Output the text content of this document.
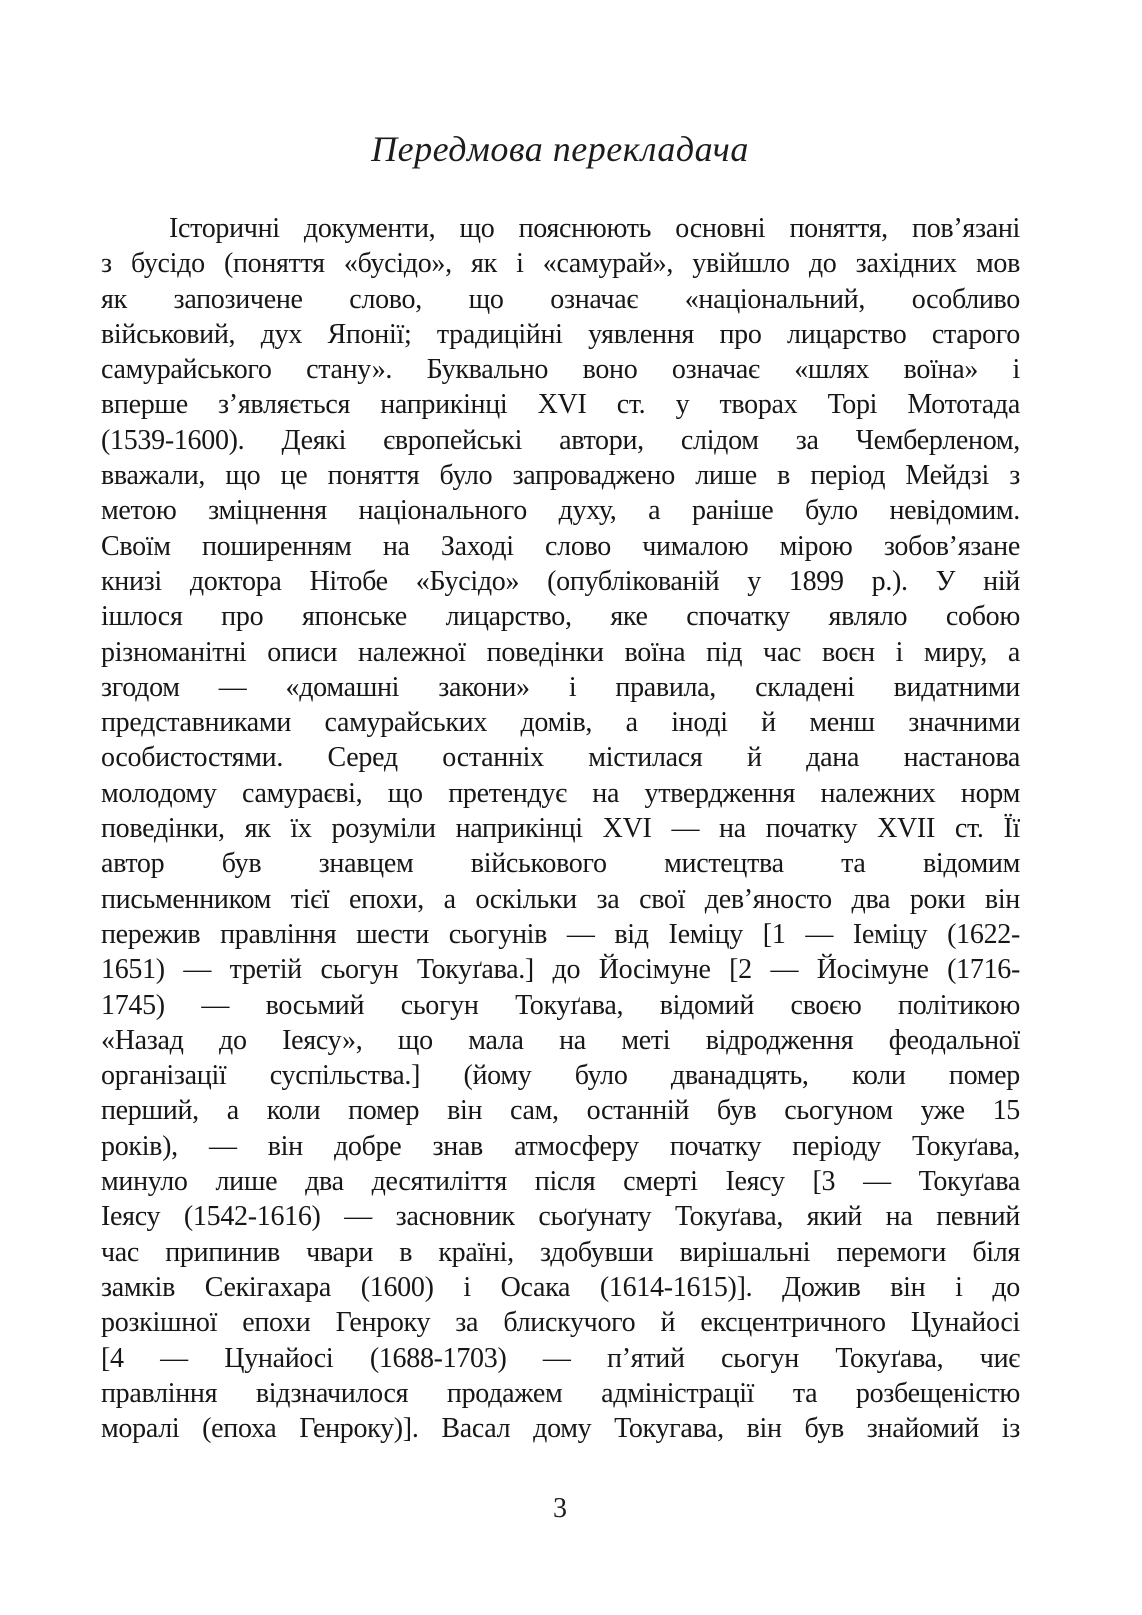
Передмова перекладача
Історичні документи, що пояснюють основні поняття, пов’язані
з бусідо (поняття «бусідо», як і «самурай», увійшло до західних мов
як запозичене слово, що означає «національний, особливо
військовий, дух Японії; традиційні уявлення про лицарство старого
самурайського стану». Буквально воно означає «шлях воїна» і
вперше з’являється наприкінці XVI ст. у творах Торі Мототада
(1539-1600). Деякі європейські автори, слідом за Чемберленом,
вважали, що це поняття було запроваджено лише в період Мейдзі з
метою зміцнення національного духу, а раніше було невідомим.
Своїм поширенням на Заході слово чималою мірою зобов’язане
книзі доктора Нітобе «Бусідо» (опублікованій у 1899 р.). У ній
ішлося про японське лицарство, яке спочатку являло собою
різноманітні описи належної поведінки воїна під час воєн і миру, а
згодом — «домашні закони» і правила, складені видатними
представниками самурайських домів, а іноді й менш значними
особистостями. Серед останніх містилася й дана настанова
молодому самураєві, що претендує на утвердження належних норм
поведінки, як їх розуміли наприкінці XVI — на початку XVII ст. Її
автор був знавцем військового мистецтва та відомим
письменником тієї епохи, а оскільки за свої дев’яносто два роки він
пережив правління шести сьогунів — від Іеміцу [1 — Іеміцу (1622-
1651) — третій сьогун Токуґава.] до Йосімуне [2 — Йосімуне (1716-
1745) — восьмий сьогун Токуґава, відомий своєю політикою
«Назад до Іеясу», що мала на меті відродження феодальної
організації суспільства.] (йому було дванадцять, коли помер
перший, а коли помер він сам, останній був сьогуном уже 15
років), — він добре знав атмосферу початку періоду Токуґава,
минуло лише два десятиліття після смерті Іеясу [3 — Токуґава
Іеясу (1542-1616) — засновник сьоґунату Токуґава, який на певний
час припинив чвари в країні, здобувши вирішальні перемоги біля
замків Секігахара (1600) і Осака (1614-1615)]. Дожив він і до
розкішної епохи Генроку за блискучого й ексцентричного Цунайосі
[4 — Цунайосі (1688-1703) — п’ятий сьогун Токуґава, чиє
правління відзначилося продажем адміністрації та розбещеністю
моралі (епоха Генроку)]. Васал дому Токугава, він був знайомий із
3
